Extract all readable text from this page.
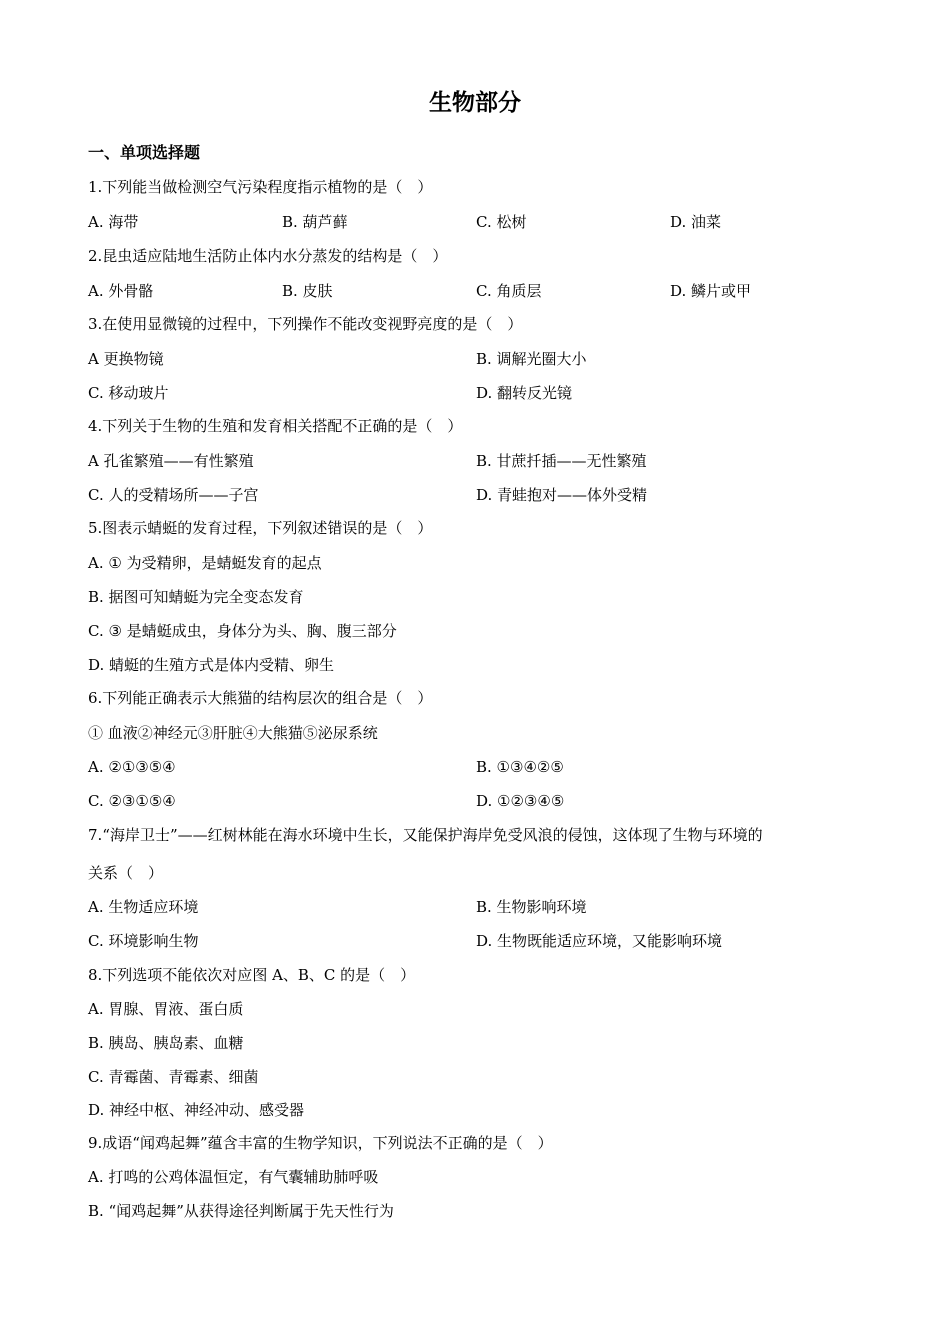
生物部分
一、单项选择题
1.下列能当做检测空气污染程度指示植物的是（　）
A. 海带	B. 葫芦藓	C. 松树	D. 油菜
2.昆虫适应陆地生活防止体内水分蒸发的结构是（　）
A. 外骨骼	B. 皮肤	C. 角质层	D. 鳞片或甲
3.在使用显微镜的过程中，下列操作不能改变视野亮度的是（　）
A 更换物镜	B. 调解光圈大小
C. 移动玻片	D. 翻转反光镜
4.下列关于生物的生殖和发育相关搭配不正确的是（　）
A 孔雀繁殖——有性繁殖	B. 甘蔗扦插——无性繁殖
C. 人的受精场所——子宫	D. 青蛙抱对——体外受精
5.图表示蜻蜓的发育过程，下列叙述错误的是（　）
A. ① 为受精卵，是蜻蜓发育的起点
B. 据图可知蜻蜓为完全变态发育
C. ③ 是蜻蜓成虫，身体分为头、胸、腹三部分
D. 蜻蜓的生殖方式是体内受精、卵生
6.下列能正确表示大熊猫的结构层次的组合是（　）
① 血液②神经元③肝脏④大熊猫⑤泌尿系统
A. ②①③⑤④	B. ①③④②⑤
C. ②③①⑤④	D. ①②③④⑤
7.“海岸卫士”——红树林能在海水环境中生长，又能保护海岸免受风浪的侵蚀，这体现了生物与环境的
关系（　）
A. 生物适应环境	B. 生物影响环境
C. 环境影响生物	D. 生物既能适应环境，又能影响环境
8.下列选项不能依次对应图 A、B、C 的是（　）
A. 胃腺、胃液、蛋白质
B. 胰岛、胰岛素、血糖
C. 青霉菌、青霉素、细菌
D. 神经中枢、神经冲动、感受器
9.成语“闻鸡起舞”蕴含丰富的生物学知识，下列说法不正确的是（　）
A. 打鸣的公鸡体温恒定，有气囊辅助肺呼吸
B. “闻鸡起舞”从获得途径判断属于先天性行为
